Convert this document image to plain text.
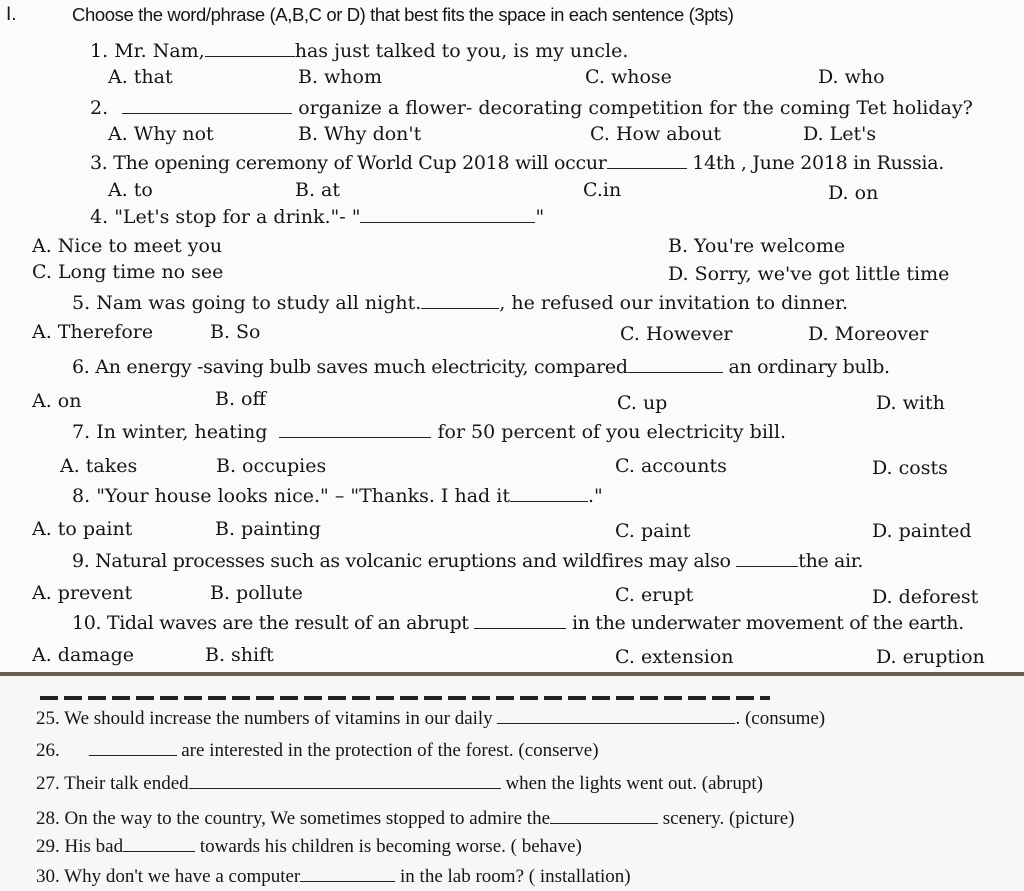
I.	Choose the word/phrase (A,B,C or D) that best fits the space in each sentence (3pts)
1. Mr. Nam,	has just talked to you, is my uncle.
A. that	B. whom	C. whose	D. who
2.	organize a flower- decorating competition for the coming Tet holiday?
A. Why not	B. Why don't	C. How about	D. Let's
3. The opening ceremony of World Cup 2018 will occur	14th , June 2018 in Russia.
A. to	B. at	C.in	D. on
4. "Let's stop for a drink."- "	"
A. Nice to meet you	B. You're welcome
C. Long time no see	D. Sorry, we've got little time
5. Nam was going to study all night.	, he refused our invitation to dinner.
A. Therefore	B. So	C. However	D. Moreover
6. An energy -saving bulb saves much electricity, compared	an ordinary bulb.
A. on	B. off	C. up	D. with
7. In winter, heating	for 50 percent of you electricity bill.
A. takes	B. occupies	C. accounts	D. costs
8. "Your house looks nice." – "Thanks. I had it	."
A. to paint	B. painting	C. paint	D. painted
9. Natural processes such as volcanic eruptions and wildfires may also	the air.
A. prevent	B. pollute	C. erupt	D. deforest
10. Tidal waves are the result of an abrupt	in the underwater movement of the earth.
A. damage	B. shift	C. extension	D. eruption
25. We should increase the numbers of vitamins in our daily	. (consume)
26.	are interested in the protection of the forest. (conserve)
27. Their talk ended	when the lights went out. (abrupt)
28. On the way to the country, We sometimes stopped to admire the	scenery. (picture)
29. His bad	towards his children is becoming worse. ( behave)
30. Why don't we have a computer	in the lab room? ( installation)
